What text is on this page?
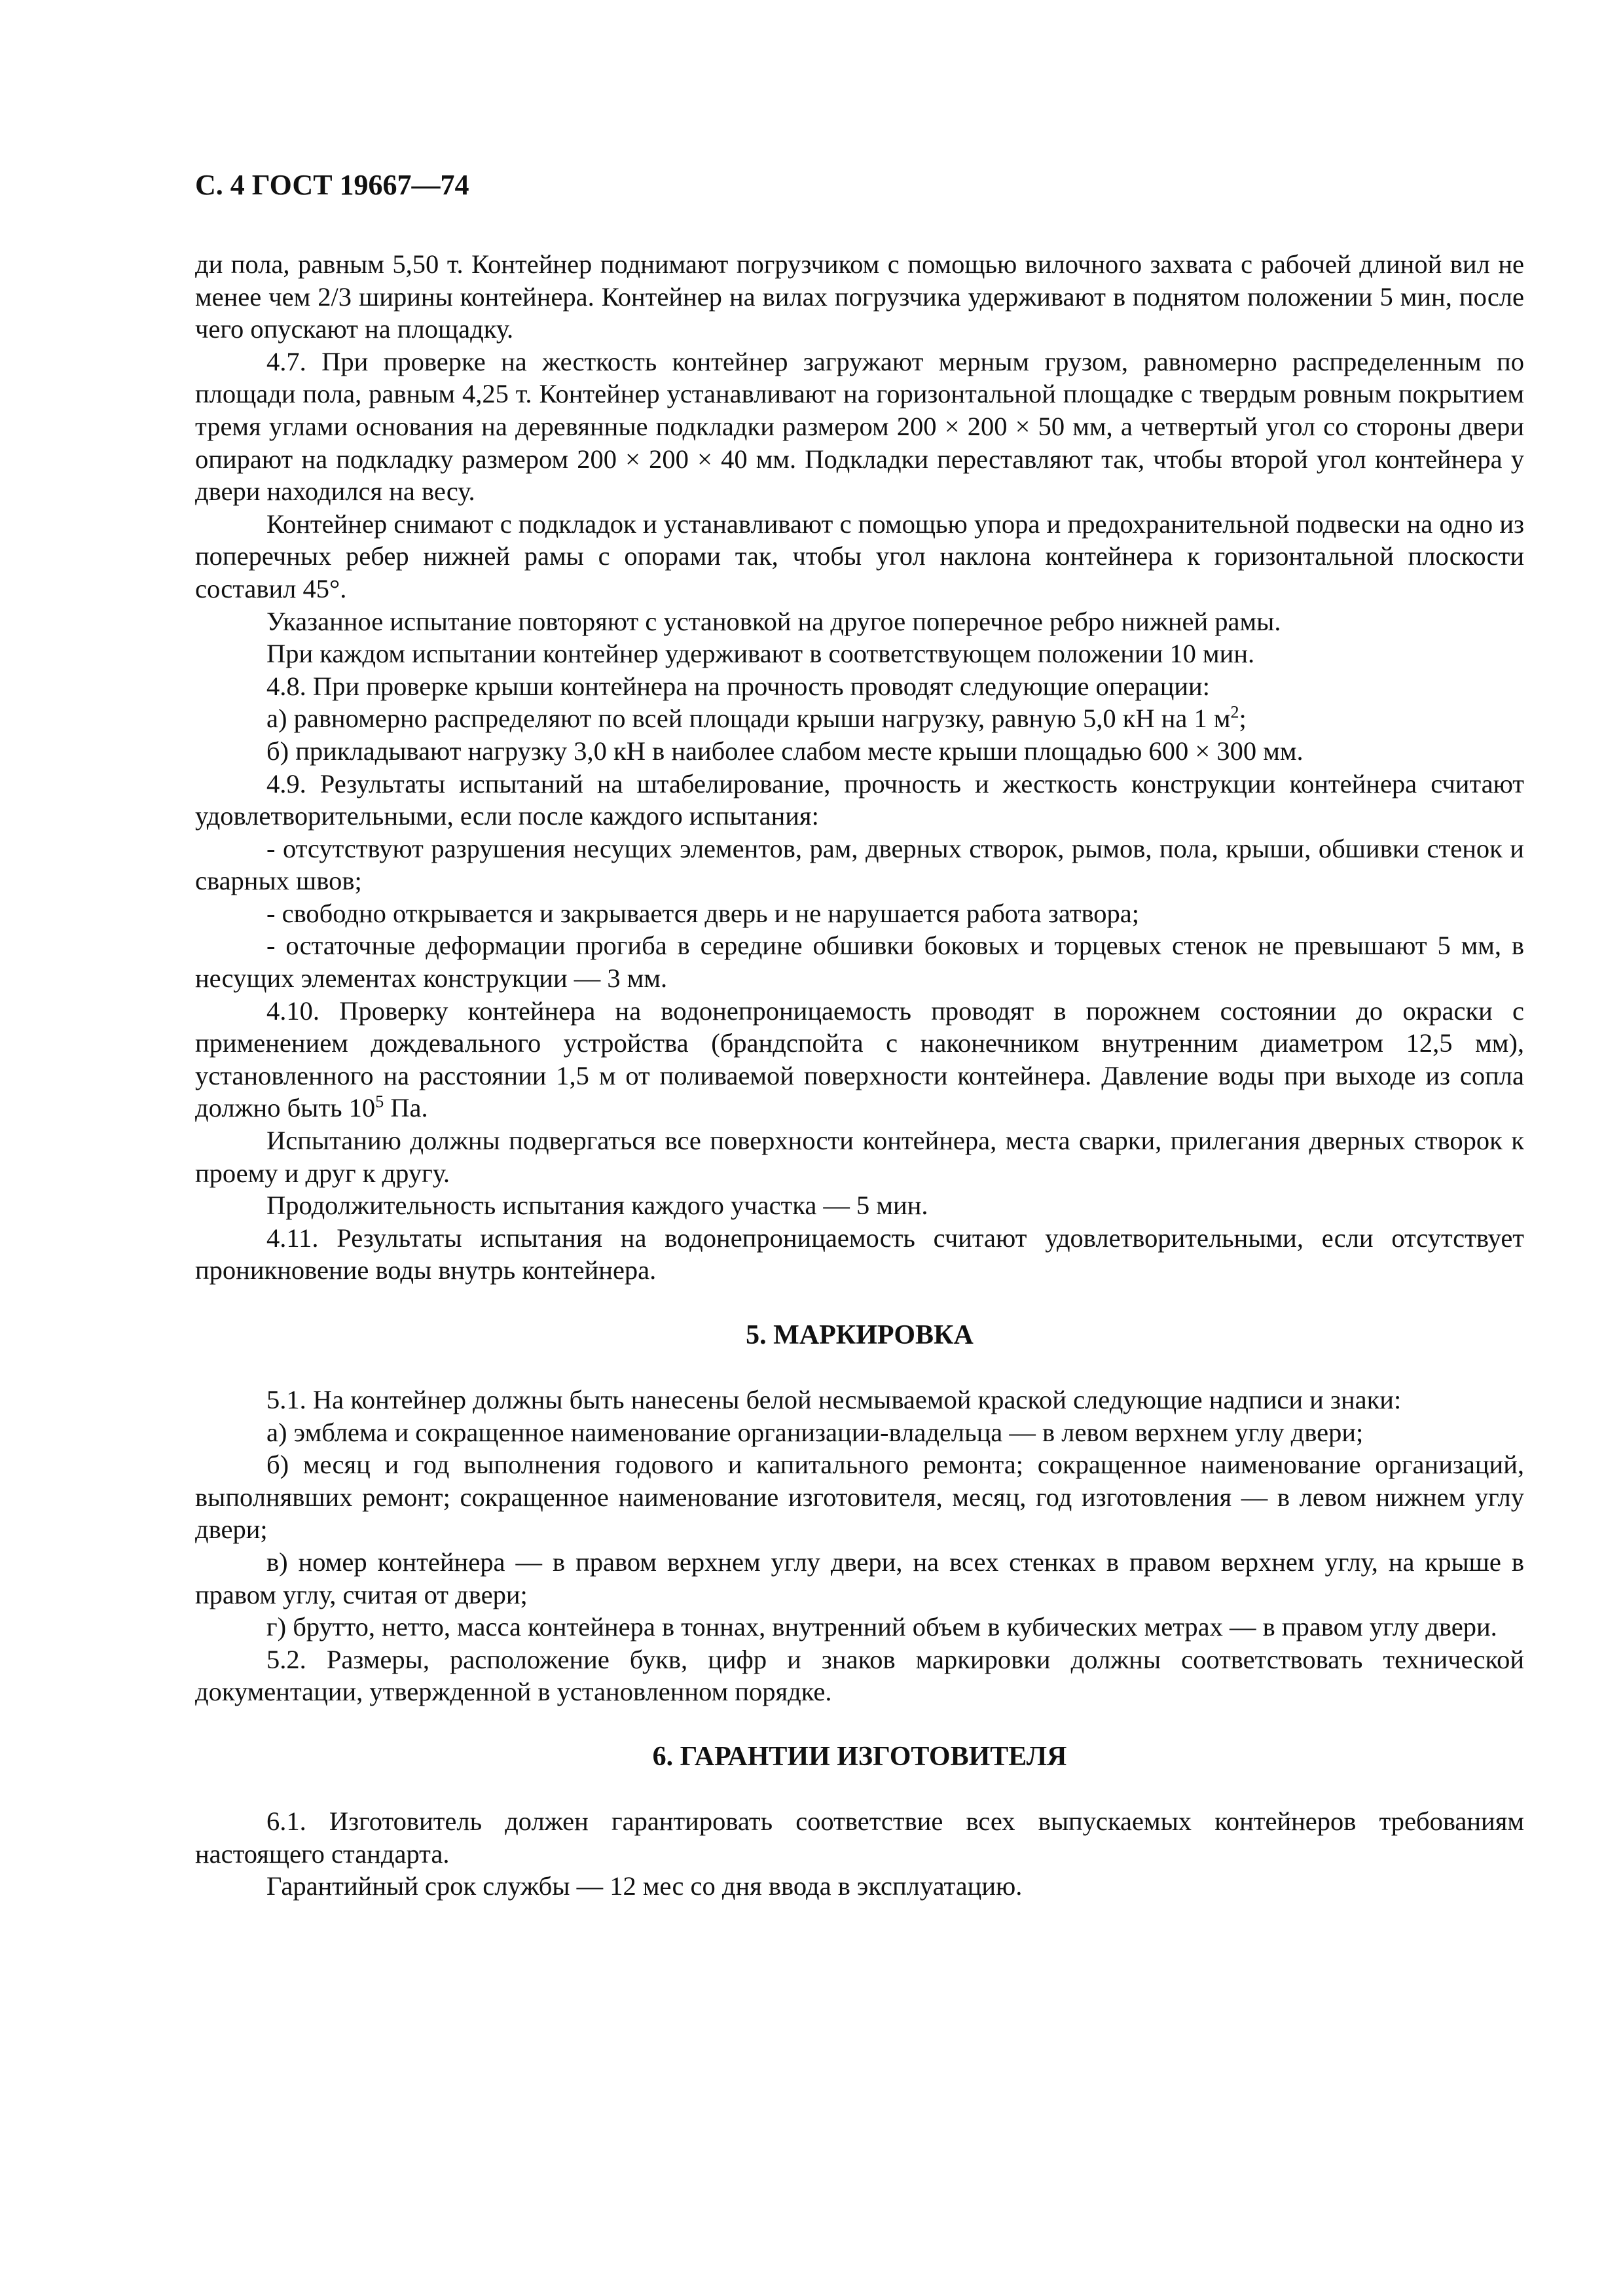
С. 4 ГОСТ 19667—74

ди пола, равным 5,50 т. Контейнер поднимают погрузчиком с помощью вилочного захвата с рабочей длиной вил не менее чем 2/3 ширины контейнера. Контейнер на вилах погрузчика удерживают в поднятом положении 5 мин, после чего опускают на площадку.

4.7. При проверке на жесткость контейнер загружают мерным грузом, равномерно распределенным по площади пола, равным 4,25 т. Контейнер устанавливают на горизонтальной площадке с твердым ровным покрытием тремя углами основания на деревянные подкладки размером 200 × 200 × 50 мм, а четвертый угол со стороны двери опирают на подкладку размером 200 × 200 × 40 мм. Подкладки переставляют так, чтобы второй угол контейнера у двери находился на весу.

Контейнер снимают с подкладок и устанавливают с помощью упора и предохранительной подвески на одно из поперечных ребер нижней рамы с опорами так, чтобы угол наклона контейнера к горизонтальной плоскости составил 45°.

Указанное испытание повторяют с установкой на другое поперечное ребро нижней рамы.

При каждом испытании контейнер удерживают в соответствующем положении 10 мин.

4.8. При проверке крыши контейнера на прочность проводят следующие операции:

а) равномерно распределяют по всей площади крыши нагрузку, равную 5,0 кН на 1 $м^2$;

б) прикладывают нагрузку 3,0 кН в наиболее слабом месте крыши площадью 600 × 300 мм.

4.9. Результаты испытаний на штабелирование, прочность и жесткость конструкции контейнера считают удовлетворительными, если после каждого испытания:

- отсутствуют разрушения несущих элементов, рам, дверных створок, рымов, пола, крыши, обшивки стенок и сварных швов;

- свободно открывается и закрывается дверь и не нарушается работа затвора;

- остаточные деформации прогиба в середине обшивки боковых и торцевых стенок не превышают 5 мм, в несущих элементах конструкции — 3 мм.

4.10. Проверку контейнера на водонепроницаемость проводят в порожнем состоянии до окраски с применением дождевального устройства (брандспойта с наконечником внутренним диаметром 12,5 мм), установленного на расстоянии 1,5 м от поливаемой поверхности контейнера. Давление воды при выходе из сопла должно быть $10^5$ Па.

Испытанию должны подвергаться все поверхности контейнера, места сварки, прилегания дверных створок к проему и друг к другу.

Продолжительность испытания каждого участка — 5 мин.

4.11. Результаты испытания на водонепроницаемость считают удовлетворительными, если отсутствует проникновение воды внутрь контейнера.

5. МАРКИРОВКА

5.1. На контейнер должны быть нанесены белой несмываемой краской следующие надписи и знаки:

а) эмблема и сокращенное наименование организации-владельца — в левом верхнем углу двери;

б) месяц и год выполнения годового и капитального ремонта; сокращенное наименование организаций, выполнявших ремонт; сокращенное наименование изготовителя, месяц, год изготовления — в левом нижнем углу двери;

в) номер контейнера — в правом верхнем углу двери, на всех стенках в правом верхнем углу, на крыше в правом углу, считая от двери;

г) брутто, нетто, масса контейнера в тоннах, внутренний объем в кубических метрах — в правом углу двери.

5.2. Размеры, расположение букв, цифр и знаков маркировки должны соответствовать технической документации, утвержденной в установленном порядке.

6. ГАРАНТИИ ИЗГОТОВИТЕЛЯ

6.1. Изготовитель должен гарантировать соответствие всех выпускаемых контейнеров требованиям настоящего стандарта.

Гарантийный срок службы — 12 мес со дня ввода в эксплуатацию.
